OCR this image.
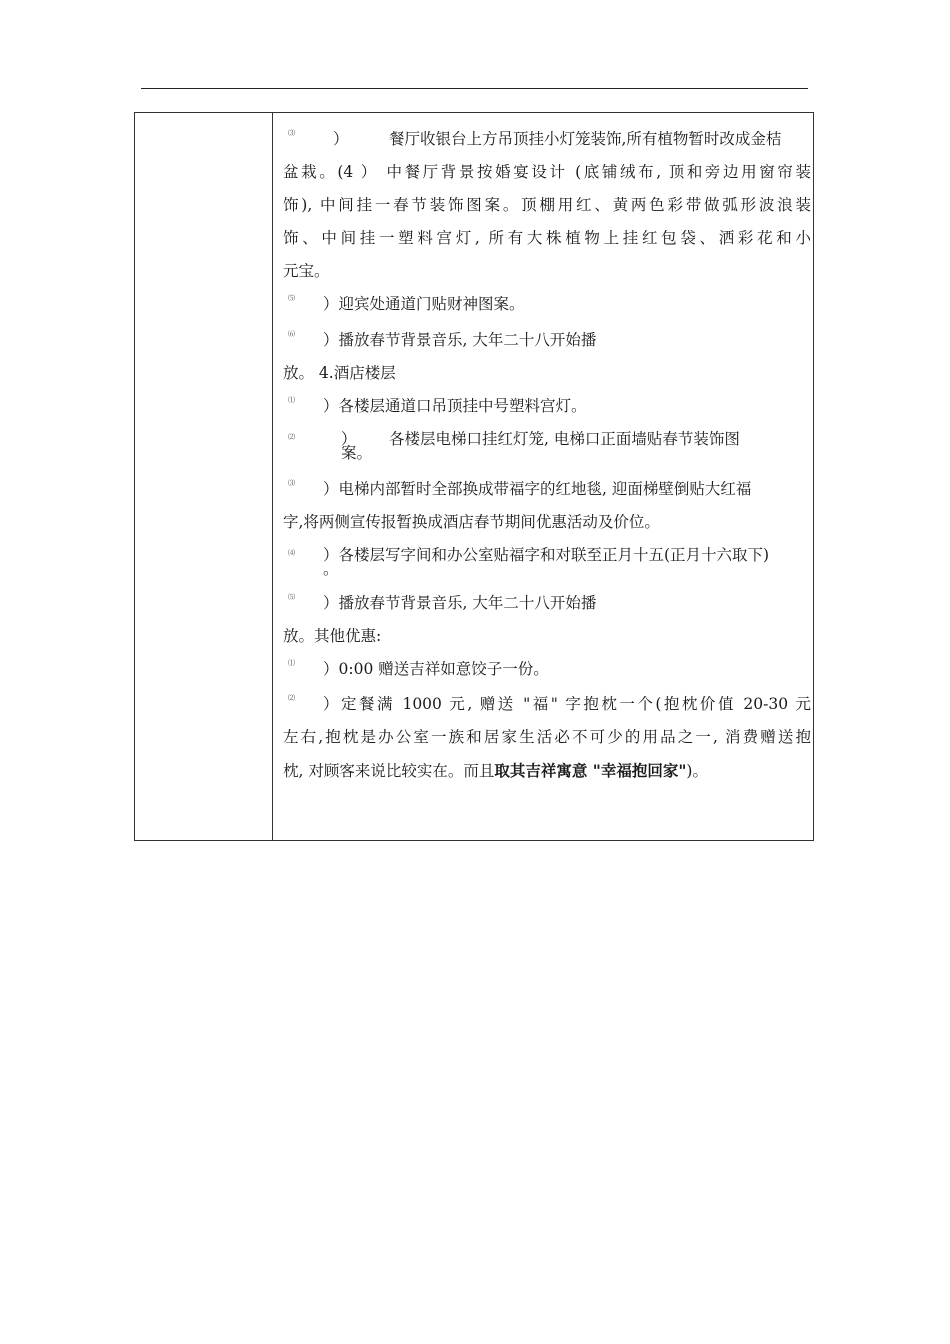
⑶ ）	餐厅收银台上方吊顶挂小灯笼装饰,所有植物暂时改成金桔
盆栽。(4 ） 中餐厅背景按婚宴设计 (底铺绒布, 顶和旁边用窗帘装
饰), 中间挂一春节装饰图案。顶棚用红、黄两色彩带做弧形波浪装
饰、中间挂一塑料宫灯, 所有大株植物上挂红包袋、洒彩花和小
元宝。
⑸ ）迎宾处通道门贴财神图案。
⑹ ）播放春节背景音乐, 大年二十八开始播
放。 4.酒店楼层
⑴ ）各楼层通道口吊顶挂中号塑料宫灯。
⑵	） 各楼层电梯口挂红灯笼, 电梯口正面墙贴春节装饰图
案。
⑶ ）电梯内部暂时全部换成带福字的红地毯, 迎面梯壁倒贴大红福
字,将两侧宣传报暂换成酒店春节期间优惠活动及价位。
⑷ ）各楼层写字间和办公室贴福字和对联至正月十五(正月十六取下)
。
⑸ ）播放春节背景音乐, 大年二十八开始播
放。其他优惠:
⑴ ）0:00 赠送吉祥如意饺子一份。
⑵ ）定餐满 1000 元, 赠送 "福" 字抱枕一个(抱枕价值 20-30 元
左右,抱枕是办公室一族和居家生活必不可少的用品之一, 消费赠送抱
枕, 对顾客来说比较实在。而且取其吉祥寓意 "幸福抱回家")。
